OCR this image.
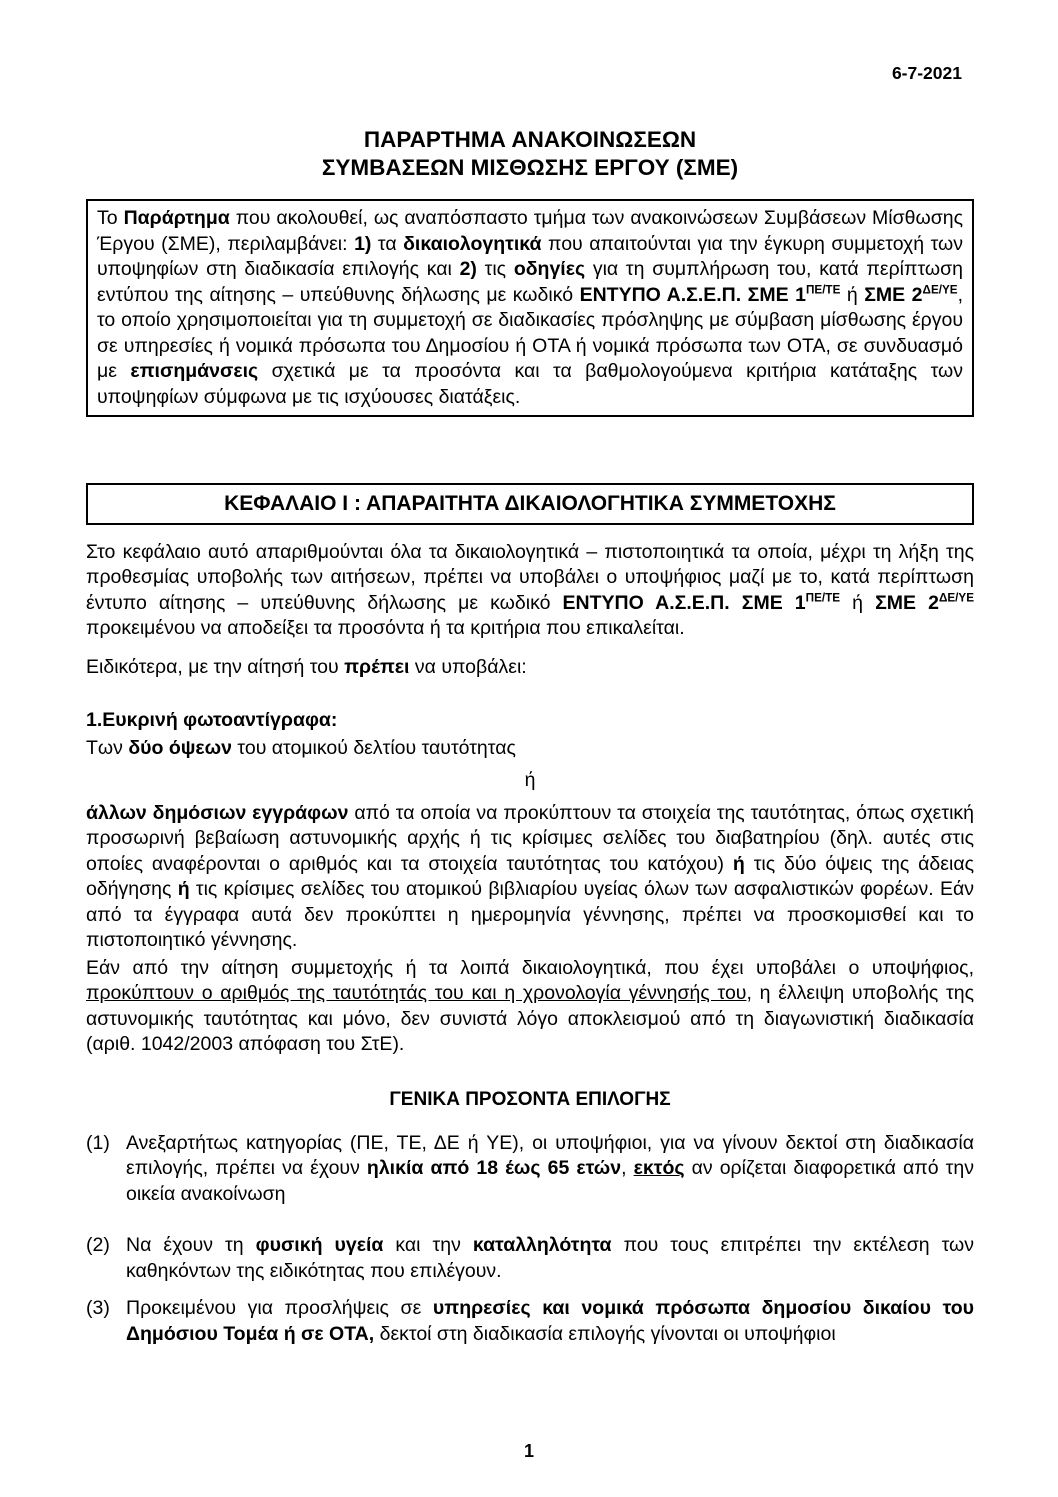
6-7-2021
ΠΑΡΑΡΤΗΜΑ ΑΝΑΚΟΙΝΩΣΕΩΝ
ΣΥΜΒΑΣΕΩΝ ΜΙΣΘΩΣΗΣ ΕΡΓΟΥ (ΣΜΕ)

Το Παράρτημα που ακολουθεί, ως αναπόσπαστο τμήμα των ανακοινώσεων Συμβάσεων Μίσθωσης Έργου (ΣΜΕ), περιλαμβάνει: 1) τα δικαιολογητικά που απαιτούνται για την έγκυρη συμμετοχή των υποψηφίων στη διαδικασία επιλογής και 2) τις οδηγίες για τη συμπλήρωση του, κατά περίπτωση εντύπου της αίτησης – υπεύθυνης δήλωσης με κωδικό ΕΝΤΥΠΟ Α.Σ.Ε.Π. ΣΜΕ $1^{\Pi E/TE}$ ή ΣΜΕ $2^{\Delta E/\Upsilon E}$, το οποίο χρησιμοποιείται για τη συμμετοχή σε διαδικασίες πρόσληψης με σύμβαση μίσθωσης έργου σε υπηρεσίες ή νομικά πρόσωπα του Δημοσίου ή ΟΤΑ ή νομικά πρόσωπα των ΟΤΑ, σε συνδυασμό με επισημάνσεις σχετικά με τα προσόντα και τα βαθμολογούμενα κριτήρια κατάταξης των υποψηφίων σύμφωνα με τις ισχύουσες διατάξεις.

ΚΕΦΑΛΑΙΟ Ι : ΑΠΑΡΑΙΤΗΤΑ ΔΙΚΑΙΟΛΟΓΗΤΙΚΑ ΣΥΜΜΕΤΟΧΗΣ

Στο κεφάλαιο αυτό απαριθμούνται όλα τα δικαιολογητικά – πιστοποιητικά τα οποία, μέχρι τη λήξη της προθεσμίας υποβολής των αιτήσεων, πρέπει να υποβάλει ο υποψήφιος μαζί με το, κατά περίπτωση έντυπο αίτησης – υπεύθυνης δήλωσης με κωδικό ΕΝΤΥΠΟ Α.Σ.Ε.Π. ΣΜΕ $1^{\Pi E/TE}$ ή ΣΜΕ $2^{\Delta E/\Upsilon E}$ προκειμένου να αποδείξει τα προσόντα ή τα κριτήρια που επικαλείται.

Ειδικότερα, με την αίτησή του πρέπει να υποβάλει:

1.Ευκρινή φωτοαντίγραφα:

Των δύο όψεων του ατομικού δελτίου ταυτότητας

ή

άλλων δημόσιων εγγράφων από τα οποία να προκύπτουν τα στοιχεία της ταυτότητας, όπως σχετική προσωρινή βεβαίωση αστυνομικής αρχής ή τις κρίσιμες σελίδες του διαβατηρίου (δηλ. αυτές στις οποίες αναφέρονται ο αριθμός και τα στοιχεία ταυτότητας του κατόχου) ή τις δύο όψεις της άδειας οδήγησης ή τις κρίσιμες σελίδες του ατομικού βιβλιαρίου υγείας όλων των ασφαλιστικών φορέων. Εάν από τα έγγραφα αυτά δεν προκύπτει η ημερομηνία γέννησης, πρέπει να προσκομισθεί και το πιστοποιητικό γέννησης.

Εάν από την αίτηση συμμετοχής ή τα λοιπά δικαιολογητικά, που έχει υποβάλει ο υποψήφιος, προκύπτουν ο αριθμός της ταυτότητάς του και η χρονολογία γέννησής του, η έλλειψη υποβολής της αστυνομικής ταυτότητας και μόνο, δεν συνιστά λόγο αποκλεισμού από τη διαγωνιστική διαδικασία (αριθ. 1042/2003 απόφαση του ΣτΕ).

ΓΕΝΙΚΑ ΠΡΟΣΟΝΤΑ ΕΠΙΛΟΓΗΣ
(1) Ανεξαρτήτως κατηγορίας (ΠΕ, ΤΕ, ΔΕ ή ΥΕ), οι υποψήφιοι, για να γίνουν δεκτοί στη διαδικασία επιλογής, πρέπει να έχουν ηλικία από 18 έως 65 ετών, εκτός αν ορίζεται διαφορετικά από την οικεία ανακοίνωση
(2) Να έχουν τη φυσική υγεία και την καταλληλότητα που τους επιτρέπει την εκτέλεση των καθηκόντων της ειδικότητας που επιλέγουν.
(3) Προκειμένου για προσλήψεις σε υπηρεσίες και νομικά πρόσωπα δημοσίου δικαίου του Δημόσιου Τομέα ή σε ΟΤΑ, δεκτοί στη διαδικασία επιλογής γίνονται οι υποψήφιοι
1
